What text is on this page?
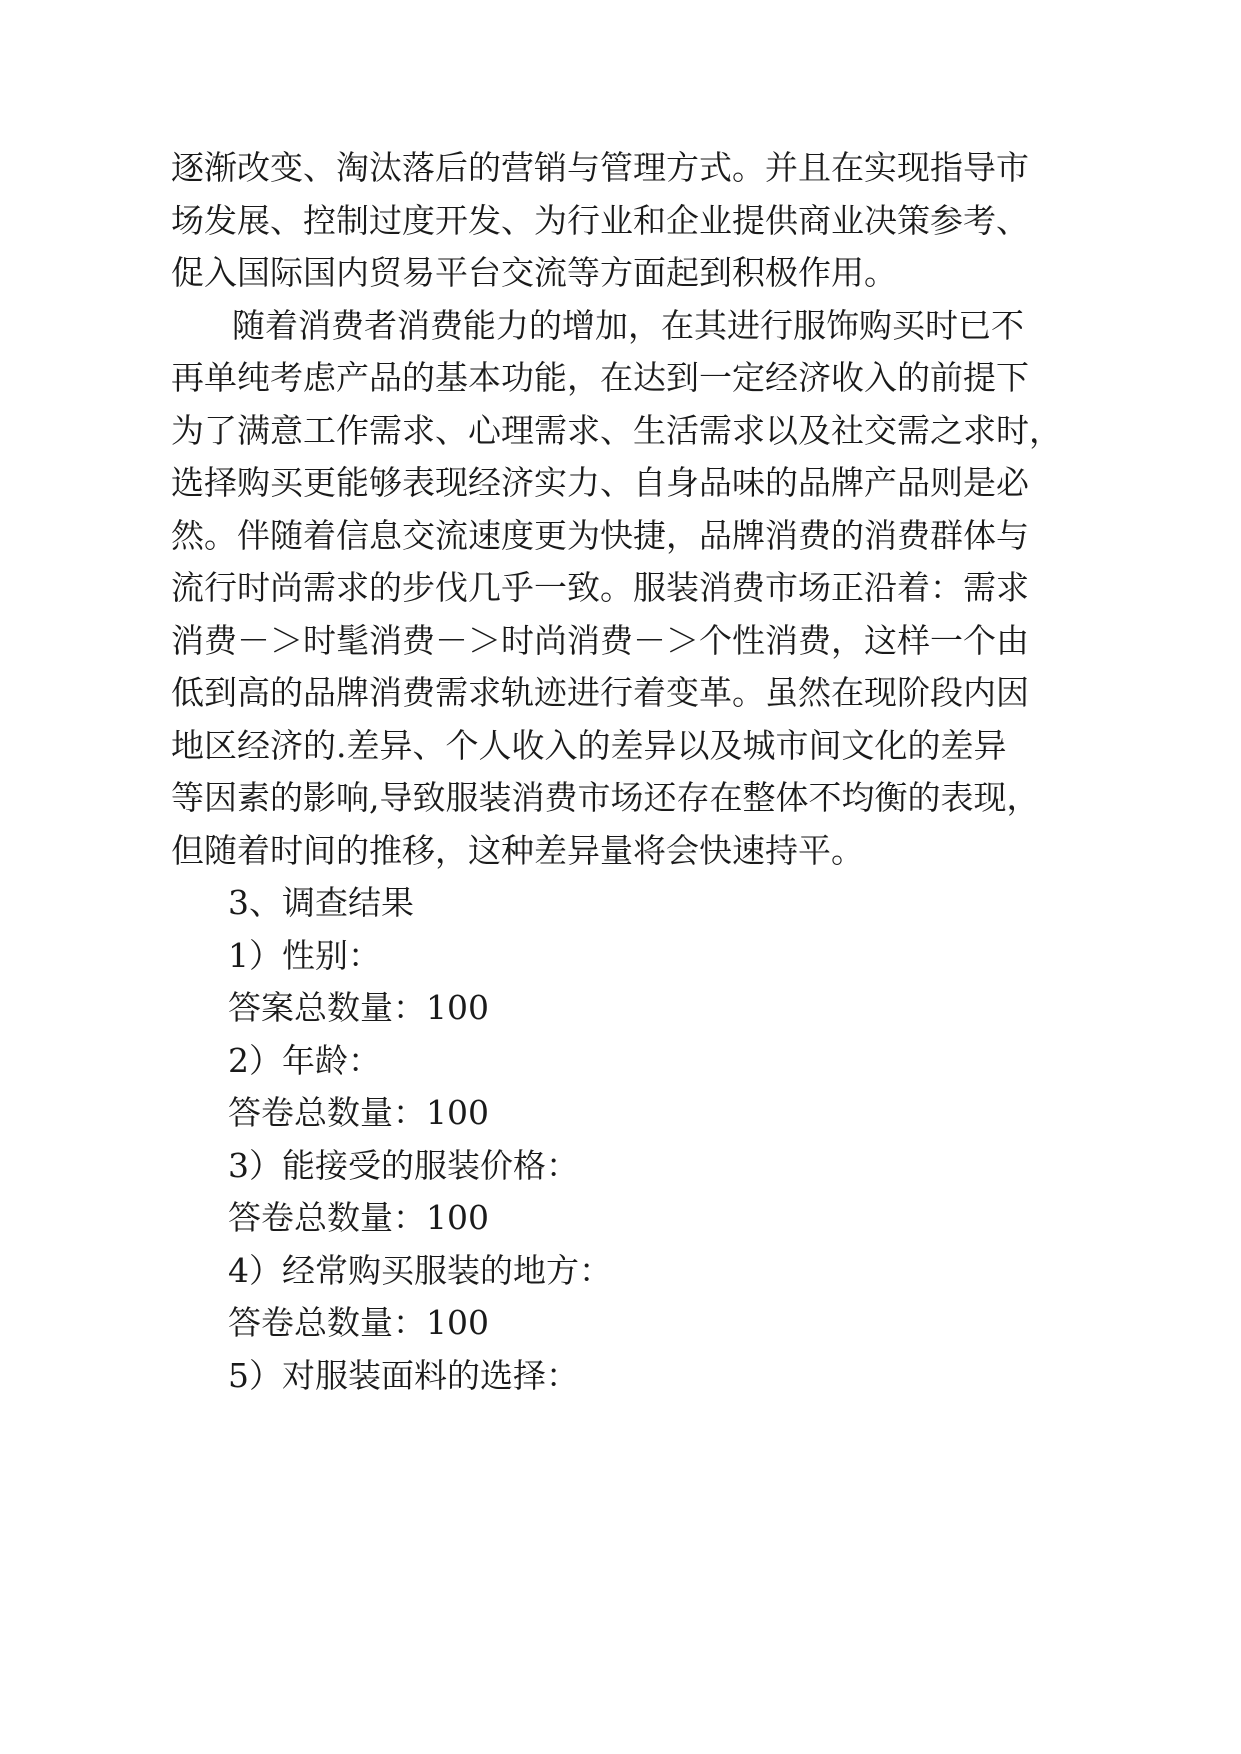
逐渐改变、淘汰落后的营销与管理方式。并且在实现指导市
场发展、控制过度开发、为行业和企业提供商业决策参考、
促入国际国内贸易平台交流等方面起到积极作用。
随着消费者消费能力的增加，在其进行服饰购买时已不
再单纯考虑产品的基本功能，在达到一定经济收入的前提下
为了满意工作需求、心理需求、生活需求以及社交需之求时，
选择购买更能够表现经济实力、自身品味的品牌产品则是必
然。伴随着信息交流速度更为快捷，品牌消费的消费群体与
流行时尚需求的步伐几乎一致。服装消费市场正沿着：需求
消费－＞时髦消费－＞时尚消费－＞个性消费，这样一个由
低到高的品牌消费需求轨迹进行着变革。虽然在现阶段内因
地区经济的.差异、个人收入的差异以及城市间文化的差异
等因素的影响,导致服装消费市场还存在整体不均衡的表现，
但随着时间的推移，这种差异量将会快速持平。
3、调查结果
1）性别：
答案总数量：100
2）年龄：
答卷总数量：100
3）能接受的服装价格：
答卷总数量：100
4）经常购买服装的地方：
答卷总数量：100
5）对服装面料的选择：
